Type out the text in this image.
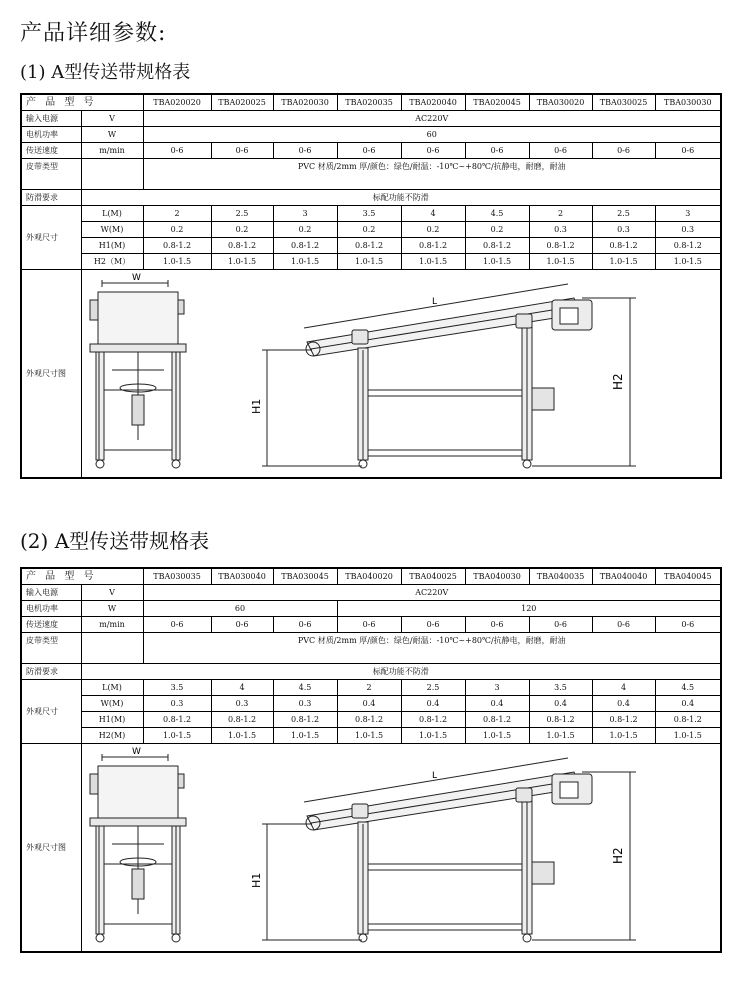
产品详细参数:
(1) A型传送带规格表
(2) A型传送带规格表
产 品 型 号		TBA020020	TBA020025	TBA020030	TBA020035	TBA020040	TBA020045	TBA030020	TBA030025	TBA030030
输入电源	V	AC220V								
电机功率	W	60								
传送速度	m/min	0-6	0-6	0-6	0-6	0-6	0-6	0-6	0-6	0-6
皮带类型		PVC 材质/2mm 厚/颜色：绿色/耐温：-10℃~+80℃/抗静电，耐磨，耐油								
防滑要求	标配功能不防滑									
外观尺寸	L(M)	2	2.5	3	3.5	4	4.5	2	2.5	3
	W(M)	0.2	0.2	0.2	0.2	0.2	0.2	0.3	0.3	0.3
	H1(M)	0.8-1.2	0.8-1.2	0.8-1.2	0.8-1.2	0.8-1.2	0.8-1.2	0.8-1.2	0.8-1.2	0.8-1.2
	H2（M）	1.0-1.5	1.0-1.5	1.0-1.5	1.0-1.5	1.0-1.5	1.0-1.5	1.0-1.5	1.0-1.5	1.0-1.5
外观尺寸图	W
L
H1
H2									
产 品 型 号		TBA030035	TBA030040	TBA030045	TBA040020	TBA040025	TBA040030	TBA040035	TBA040040	TBA040045
输入电源	V	AC220V								
电机功率	W	60			120					
传送速度	m/min	0-6	0-6	0-6	0-6	0-6	0-6	0-6	0-6	0-6
皮带类型		PVC 材质/2mm 厚/颜色：绿色/耐温：-10℃~+80℃/抗静电，耐磨，耐油								
防滑要求	标配功能不防滑									
外观尺寸	L(M)	3.5	4	4.5	2	2.5	3	3.5	4	4.5
	W(M)	0.3	0.3	0.3	0.4	0.4	0.4	0.4	0.4	0.4
	H1(M)	0.8-1.2	0.8-1.2	0.8-1.2	0.8-1.2	0.8-1.2	0.8-1.2	0.8-1.2	0.8-1.2	0.8-1.2
	H2(M)	1.0-1.5	1.0-1.5	1.0-1.5	1.0-1.5	1.0-1.5	1.0-1.5	1.0-1.5	1.0-1.5	1.0-1.5
外观尺寸图	W
L
H1
H2									
